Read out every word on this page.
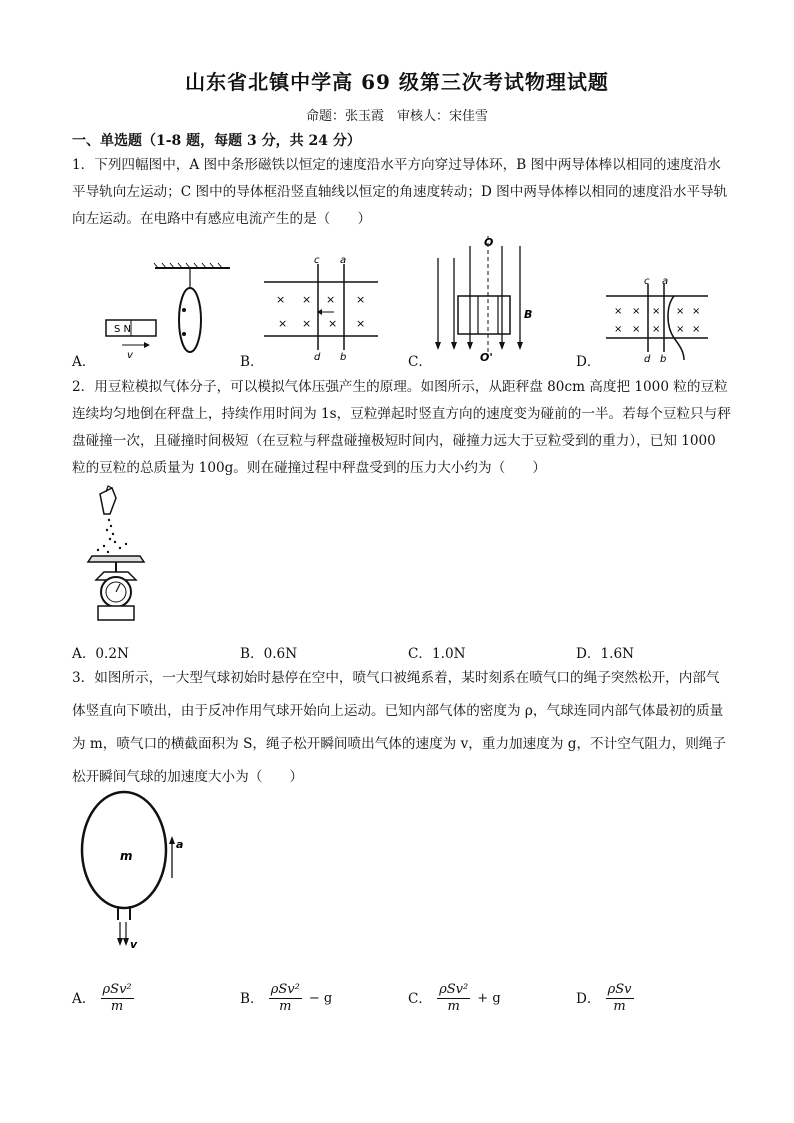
山东省北镇中学高 69 级第三次考试物理试题
命题：张玉霞　审核人：宋佳雪
一、单选题（1-8 题，每题 3 分，共 24 分）
1．下列四幅图中，A 图中条形磁铁以恒定的速度沿水平方向穿过导体环，B 图中两导体棒以相同的速度沿水平导轨向左运动；C 图中的导体框沿竖直轴线以恒定的角速度转动；D 图中两导体棒以相同的速度沿水平导轨向左运动。在电路中有感应电流产生的是（　　）
S N
v
A．
c a
d b
× × × ×
× × × ×
B．
O
O'
B
C．
c a
d b
× × × × ×
× × × × ×
D．
2．用豆粒模拟气体分子，可以模拟气体压强产生的原理。如图所示，从距秤盘 80cm 高度把 1000 粒的豆粒连续均匀地倒在秤盘上，持续作用时间为 1s，豆粒弹起时竖直方向的速度变为碰前的一半。若每个豆粒只与秤盘碰撞一次，且碰撞时间极短（在豆粒与秤盘碰撞极短时间内，碰撞力远大于豆粒受到的重力），已知 1000 粒的豆粒的总质量为 100g。则在碰撞过程中秤盘受到的压力大小约为（　　）
A．0.2N	B．0.6N	C．1.0N	D．1.6N
3．如图所示，一大型气球初始时悬停在空中，喷气口被绳系着，某时刻系在喷气口的绳子突然松开，内部气体竖直向下喷出，由于反冲作用气球开始向上运动。已知内部气体的密度为 ρ，气球连同内部气体最初的质量为 m，喷气口的横截面积为 S，绳子松开瞬间喷出气体的速度为 v，重力加速度为 g，不计空气阻力，则绳子松开瞬间气球的加速度大小为（　　）
m
a
v
A． $\frac{\text{ρSv²}}{m}$	B． $\frac{\text{ρSv²}}{m} - g$	C． $\frac{\text{ρSv²}}{m} + g$	D． $\frac{\text{ρSv}}{m}$
